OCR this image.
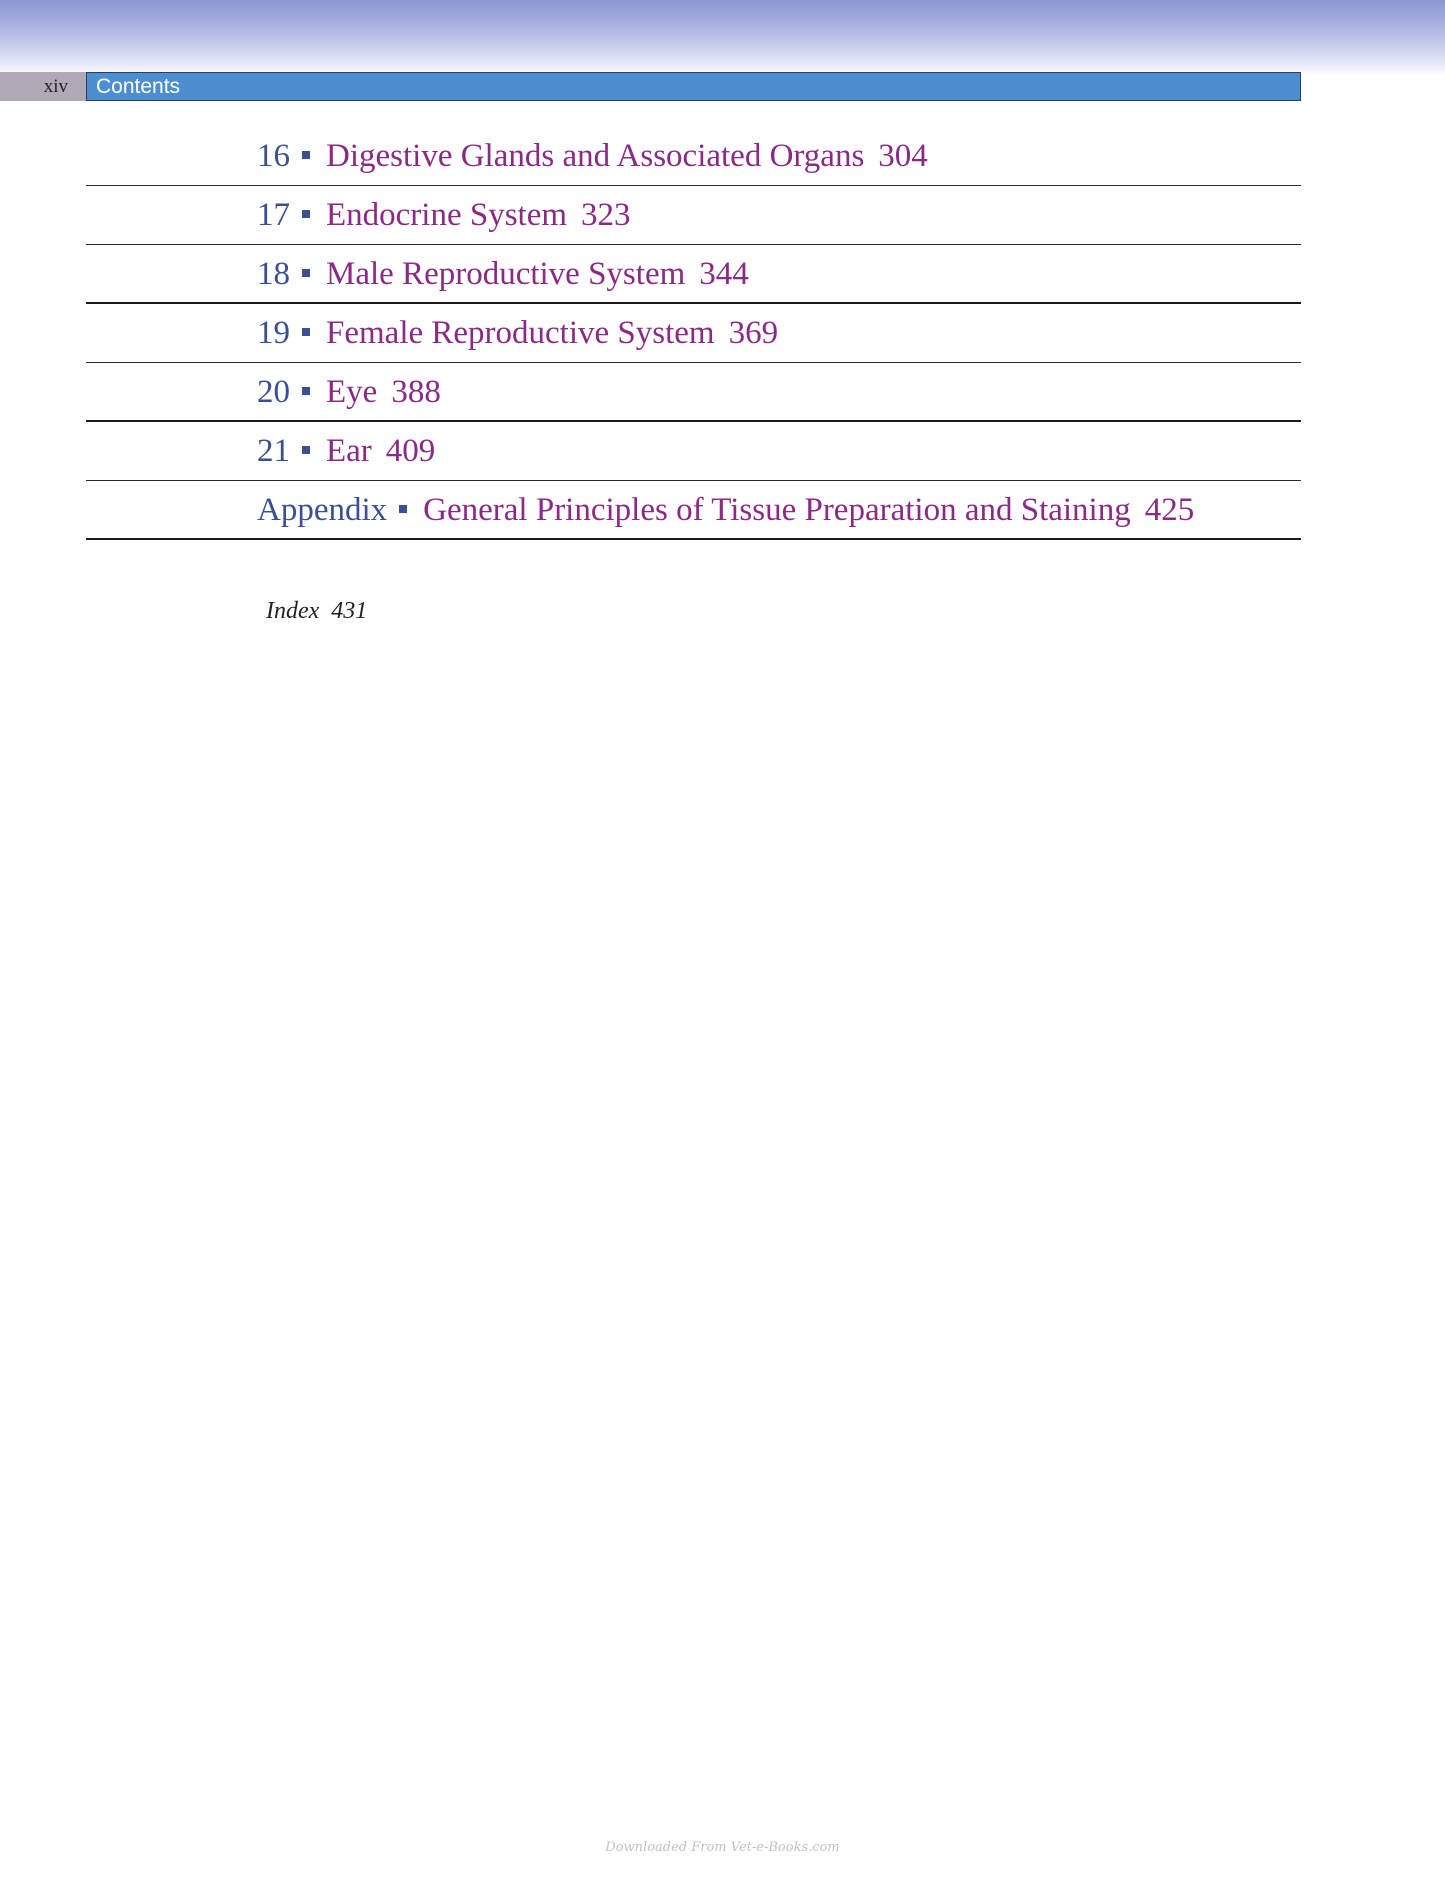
xiv	Contents
16 Digestive Glands and Associated Organs 304
17 Endocrine System 323
18 Male Reproductive System 344
19 Female Reproductive System 369
20 Eye 388
21 Ear 409
Appendix General Principles of Tissue Preparation and Staining 425
Index 431
Downloaded From Vet-e-Books.com
